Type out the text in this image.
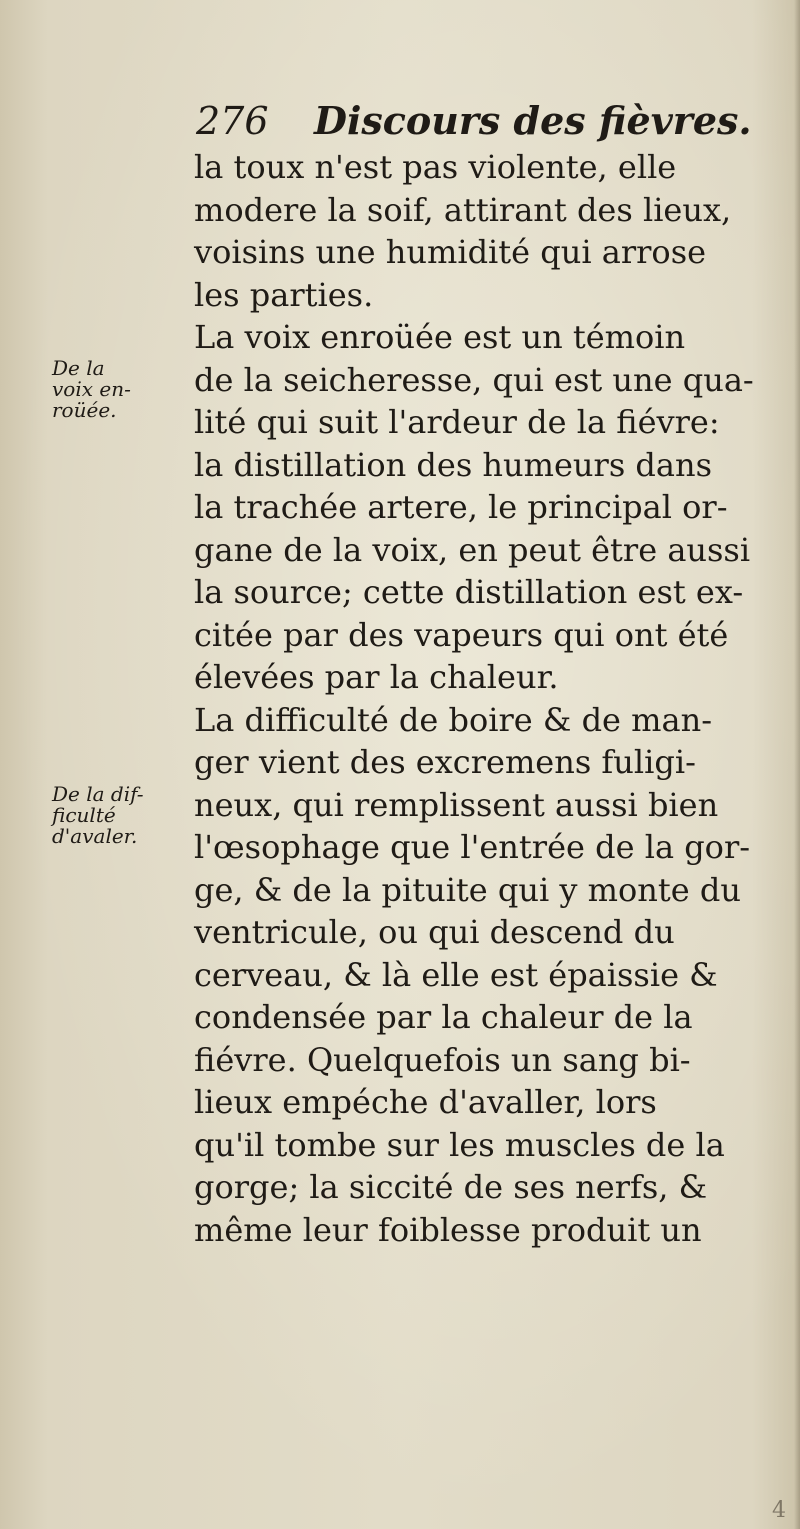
276 Discours des fièvres.
De la
voix en-
roüée.
De la dif-
ficulté
d'avaler.
la toux n'est pas violente, elle
modere la soif, attirant des lieux,
voisins une humidité qui arrose
les parties.
La voix enroüée est un témoin
de la seicheresse, qui est une qua-
lité qui suit l'ardeur de la fiévre:
la distillation des humeurs dans
la trachée artere, le principal or-
gane de la voix, en peut être aussi
la source; cette distillation est ex-
citée par des vapeurs qui ont été
élevées par la chaleur.
La difficulté de boire & de man-
ger vient des excremens fuligi-
neux, qui remplissent aussi bien
l'œsophage que l'entrée de la gor-
ge, & de la pituite qui y monte du
ventricule, ou qui descend du
cerveau, & là elle est épaissie &
condensée par la chaleur de la
fiévre. Quelquefois un sang bi-
lieux empéche d'avaller, lors
qu'il tombe sur les muscles de la
gorge; la siccité de ses nerfs, &
même leur foiblesse produit un
4
